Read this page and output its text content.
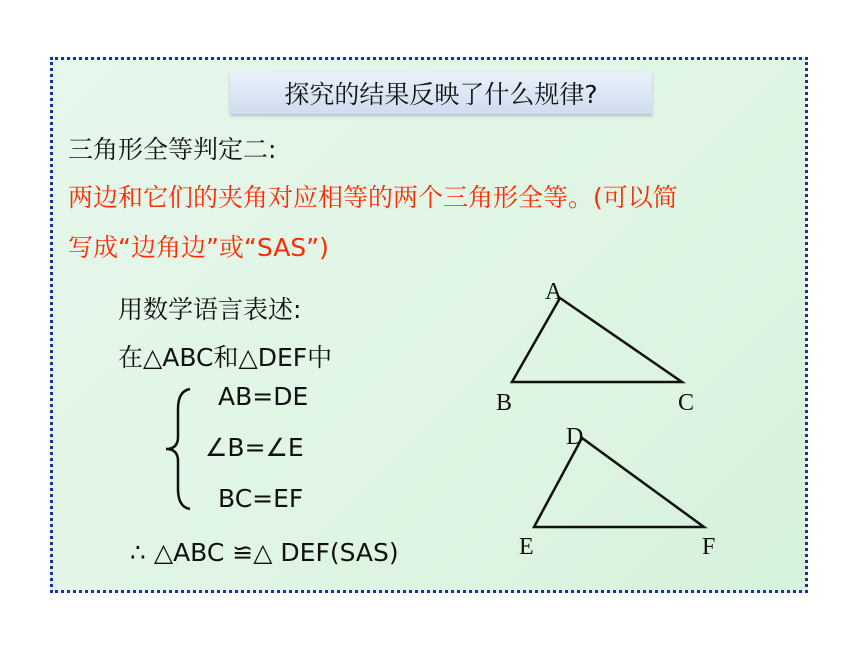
探究的结果反映了什么规律?
三角形全等判定二:
两边和它们的夹角对应相等的两个三角形全等。(可以简
写成“边角边”或“SAS”)
用数学语言表述:
在△ABC和△DEF中
AB=DE
∠B=∠E
BC=EF
∴ △ABC ≌△ DEF(SAS)
A
B	C
D
E	F
